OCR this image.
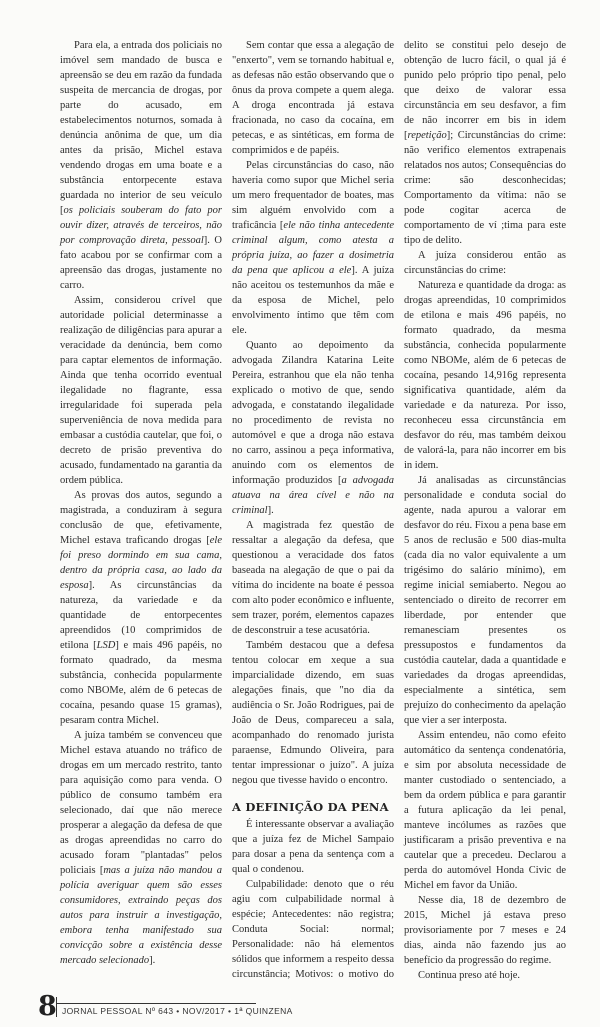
Para ela, a entrada dos policiais no imóvel sem mandado de busca e apreensão se deu em razão da fundada suspeita de mercancia de drogas, por parte do acusado, em estabelecimentos noturnos, somada à denúncia anônima de que, um dia antes da prisão, Michel estava vendendo drogas em uma boate e a substância entorpecente estava guardada no interior de seu veículo [os policiais souberam do fato por ouvir dizer, através de terceiros, não por comprovação direta, pessoal]. O fato acabou por se confirmar com a apreensão das drogas, justamente no carro.

Assim, considerou crível que autoridade policial determinasse a realização de diligências para apurar a veracidade da denúncia, bem como para captar elementos de informação. Ainda que tenha ocorrido eventual ilegalidade no flagrante, essa irregularidade foi superada pela superveniência de nova medida para embasar a custódia cautelar, que foi, o decreto de prisão preventiva do acusado, fundamentado na garantia da ordem pública.

As provas dos autos, segundo a magistrada, a conduziram à segura conclusão de que, efetivamente, Michel estava traficando drogas [ele foi preso dormindo em sua cama, dentro da própria casa, ao lado da esposa]. As circunstâncias da natureza, da variedade e da quantidade de entorpecentes apreendidos (10 comprimidos de etilona [LSD] e mais 496 papéis, no formato quadrado, da mesma substância, conhecida popularmente como NBOMe, além de 6 petecas de cocaína, pesando quase 15 gramas), pesaram contra Michel.

A juíza também se convenceu que Michel estava atuando no tráfico de drogas em um mercado restrito, tanto para aquisição como para venda. O público de consumo também era selecionado, daí que não merece prosperar a alegação da defesa de que as drogas apreendidas no carro do acusado foram "plantadas" pelos policiais [mas a juíza não mandou a polícia averiguar quem são esses consumidores, extraindo peças dos autos para instruir a investigação, embora tenha manifestado sua convicção sobre a existência desse mercado selecionado].

Sem contar que essa a alegação de "enxerto", vem se tornando habitual e, as defesas não estão observando que o ônus da prova compete a quem alega. A droga encontrada já estava fracionada, no caso da cocaína, em petecas, e as sintéticas, em forma de comprimidos e de papéis.

Pelas circunstâncias do caso, não haveria como supor que Michel seria um mero frequentador de boates, mas sim alguém envolvido com a traficância [ele não tinha antecedente criminal algum, como atesta a própria juíza, ao fazer a dosimetria da pena que aplicou a ele]. A juíza não aceitou os testemunhos da mãe e da esposa de Michel, pelo envolvimento íntimo que têm com ele.

Quanto ao depoimento da advogada Zilandra Katarina Leite Pereira, estranhou que ela não tenha explicado o motivo de que, sendo advogada, e constatando ilegalidade no procedimento de revista no automóvel e que a droga não estava no carro, assinou a peça informativa, anuindo com os elementos de informação produzidos [a advogada atuava na área cível e não na criminal].

A magistrada fez questão de ressaltar a alegação da defesa, que questionou a veracidade dos fatos baseada na alegação de que o pai da vítima do incidente na boate é pessoa com alto poder econômico e influente, sem trazer, porém, elementos capazes de desconstruir a tese acusatória.

Também destacou que a defesa tentou colocar em xeque a sua imparcialidade dizendo, em suas alegações finais, que "no dia da audiência o Sr. João Rodrigues, pai de João de Deus, compareceu a sala, acompanhado do renomado jurista paraense, Edmundo Oliveira, para tentar impressionar o juízo". A juíza negou que tivesse havido o encontro.

A DEFINIÇÃO DA PENA

É interessante observar a avaliação que a juíza fez de Michel Sampaio para dosar a pena da sentença com a qual o condenou.

Culpabilidade: denoto que o réu agiu com culpabilidade normal à espécie; Antecedentes: não registra; Conduta Social: normal; Personalidade: não há elementos sólidos que informem a respeito dessa circunstância; Motivos: o motivo do delito se constitui pelo desejo de obtenção de lucro fácil, o qual já é punido pelo próprio tipo penal, pelo que deixo de valorar essa circunstância em seu desfavor, a fim de não incorrer em bis in idem [repetição]; Circunstâncias do crime: não verifico elementos extrapenais relatados nos autos; Consequências do crime: são desconhecidas; Comportamento da vítima: não se pode cogitar acerca de comportamento de ví ;tima para este tipo de delito.

A juíza considerou então as circunstâncias do crime:

Natureza e quantidade da droga: as drogas apreendidas, 10 comprimidos de etilona e mais 496 papéis, no formato quadrado, da mesma substância, conhecida popularmente como NBOMe, além de 6 petecas de cocaína, pesando 14,916g representa significativa quantidade, além da variedade e da natureza. Por isso, reconheceu essa circunstância em desfavor do réu, mas também deixou de valorá-la, para não incorrer em bis in idem.

Já analisadas as circunstâncias personalidade e conduta social do agente, nada apurou a valorar em desfavor do réu. Fixou a pena base em 5 anos de reclusão e 500 dias-multa (cada dia no valor equivalente a um trigésimo do salário mínimo), em regime inicial semiaberto. Negou ao sentenciado o direito de recorrer em liberdade, por entender que remanesciam presentes os pressupostos e fundamentos da custódia cautelar, dada a quantidade e variedades da drogas apreendidas, especialmente a sintética, sem prejuízo do conhecimento da apelação que vier a ser interposta.

Assim entendeu, não como efeito automático da sentença condenatória, e sim por absoluta necessidade de manter custodiado o sentenciado, a bem da ordem pública e para garantir a futura aplicação da lei penal, manteve incólumes as razões que justificaram a prisão preventiva e na cautelar que a precedeu. Declarou a perda do automóvel Honda Civic de Michel em favor da União.

Nesse dia, 18 de dezembro de 2015, Michel já estava preso provisoriamente por 7 meses e 24 dias, ainda não fazendo jus ao benefício da progressão do regime.

Continua preso até hoje.

8 JORNAL PESSOAL Nº 643 • NOV/2017 • 1ª QUINZENA
